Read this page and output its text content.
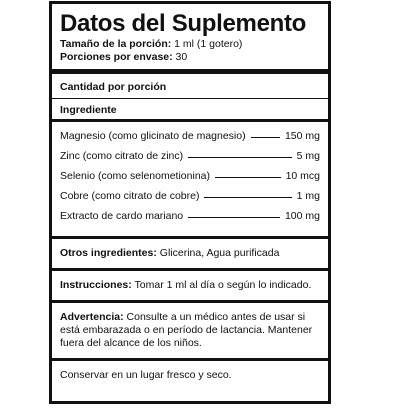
Datos del Suplemento
Tamaño de la porción: 1 ml (1 gotero)
Porciones por envase: 30
Cantidad por porción
Ingrediente
Magnesio (como glicinato de magnesio)	150 mg
Zinc (como citrato de zinc)	5 mg
Selenio (como selenometionina)	10 mcg
Cobre (como citrato de cobre)	1 mg
Extracto de cardo mariano	100 mg
Otros ingredientes: Glicerina, Agua purificada
Instrucciones: Tomar 1 ml al día o según lo indicado.
Advertencia: Consulte a un médico antes de usar si está embarazada o en período de lactancia. Mantener fuera del alcance de los niños.
Conservar en un lugar fresco y seco.
